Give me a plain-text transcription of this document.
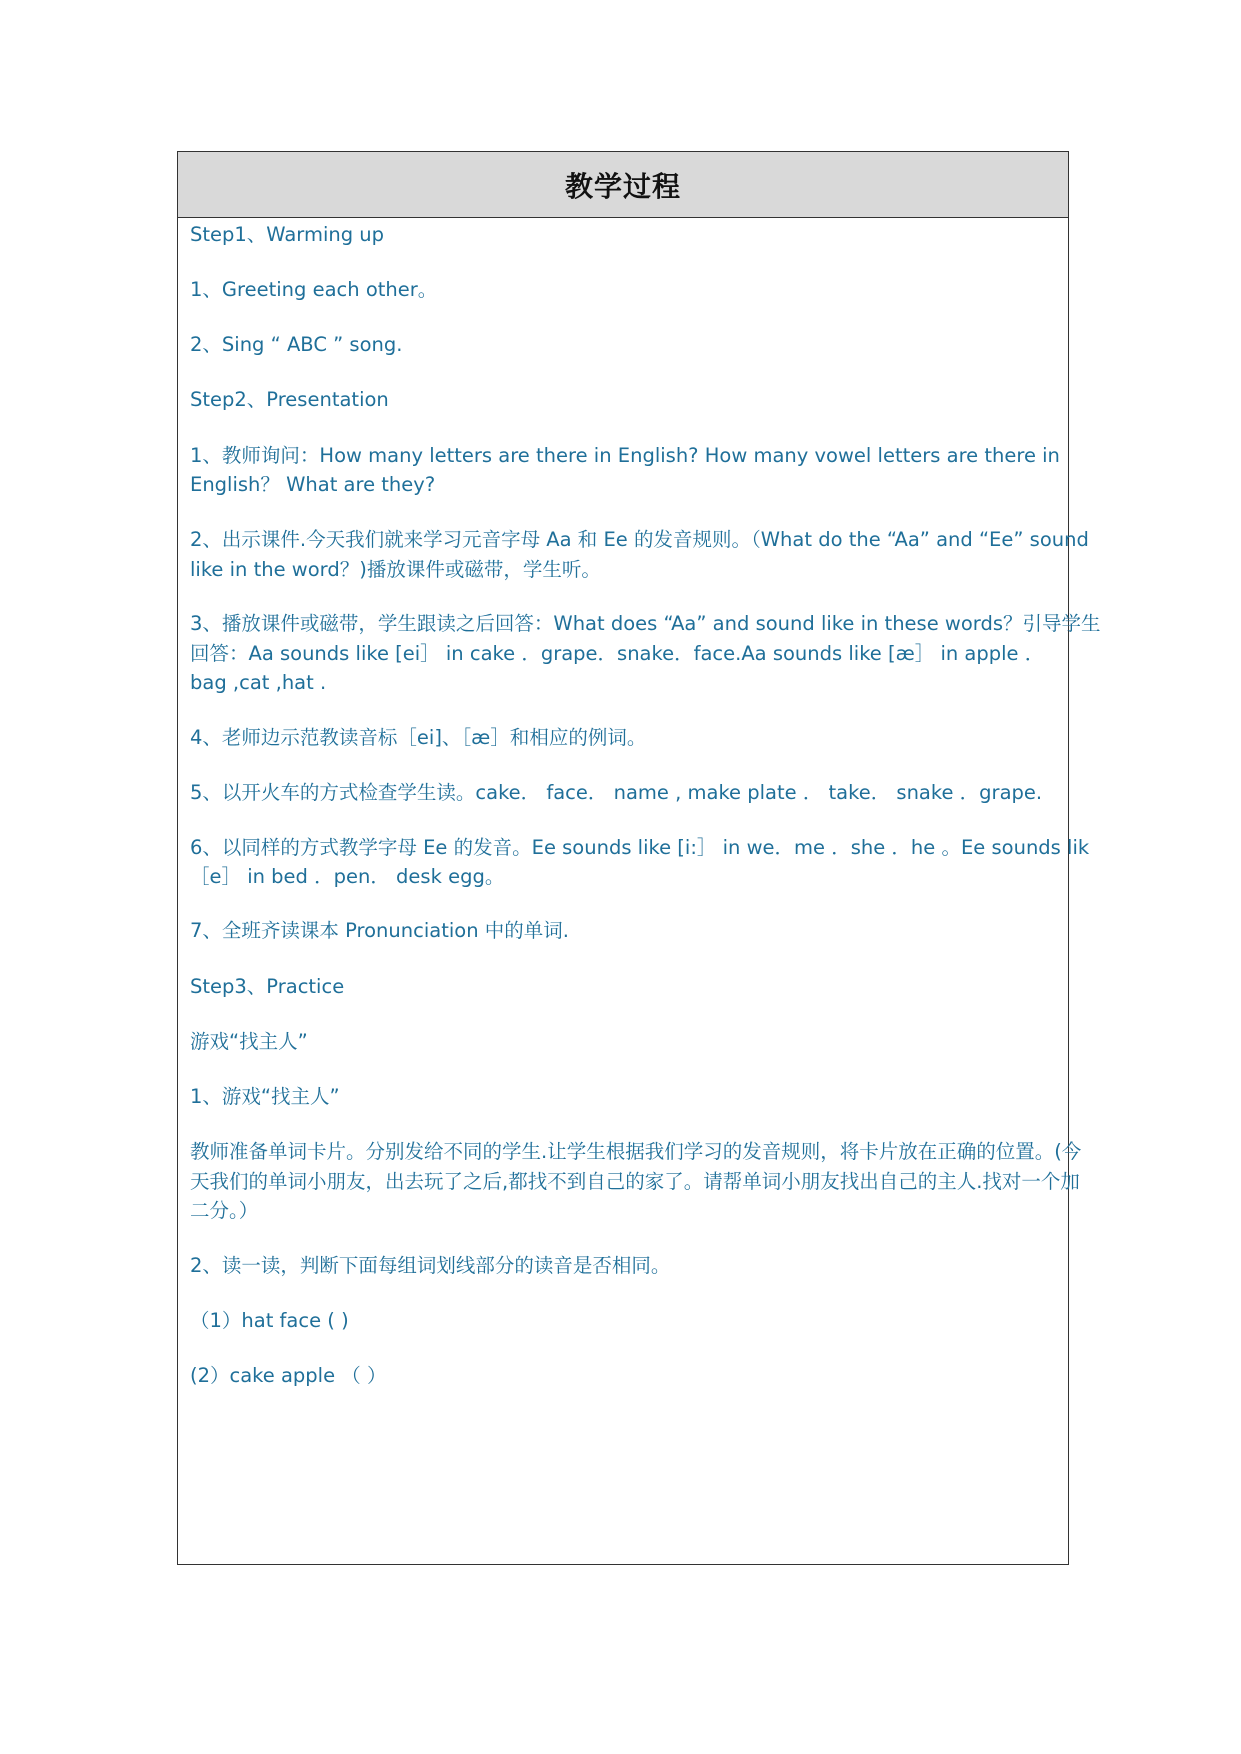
教学过程
Step1、Warming up
1、Greeting each other。
2、Sing “ ABC ” song.
Step2、Presentation
1、教师询问：How many letters are there in English? How many vowel letters are there in
English？ What are they?
2、出示课件.今天我们就来学习元音字母 Aa 和 Ee 的发音规则。（What do the “Aa” and “Ee” sound
like in the word？)播放课件或磁带，学生听。
3、播放课件或磁带，学生跟读之后回答：What does “Aa” and sound like in these words？引导学生
回答：Aa sounds like [ei］ in cake ．grape．snake．face.Aa sounds like [æ］ in apple ．
bag ,cat ,hat .
4、老师边示范教读音标［ei]、［æ］和相应的例词。
5、以开火车的方式检查学生读。cake． face． name , make plate ． take． snake ．grape.
6、以同样的方式教学字母 Ee 的发音。Ee sounds like [i:］ in we．me ．she ．he 。Ee sounds lik
［e］ in bed ．pen． desk egg。
7、全班齐读课本 Pronunciation 中的单词.
Step3、Practice
游戏“找主人”
1、游戏“找主人”
教师准备单词卡片。分别发给不同的学生.让学生根据我们学习的发音规则，将卡片放在正确的位置。(今
天我们的单词小朋友，出去玩了之后,都找不到自己的家了。请帮单词小朋友找出自己的主人.找对一个加
二分。）
2、读一读，判断下面每组词划线部分的读音是否相同。
（1）hat face ( )
(2）cake apple （ ）
